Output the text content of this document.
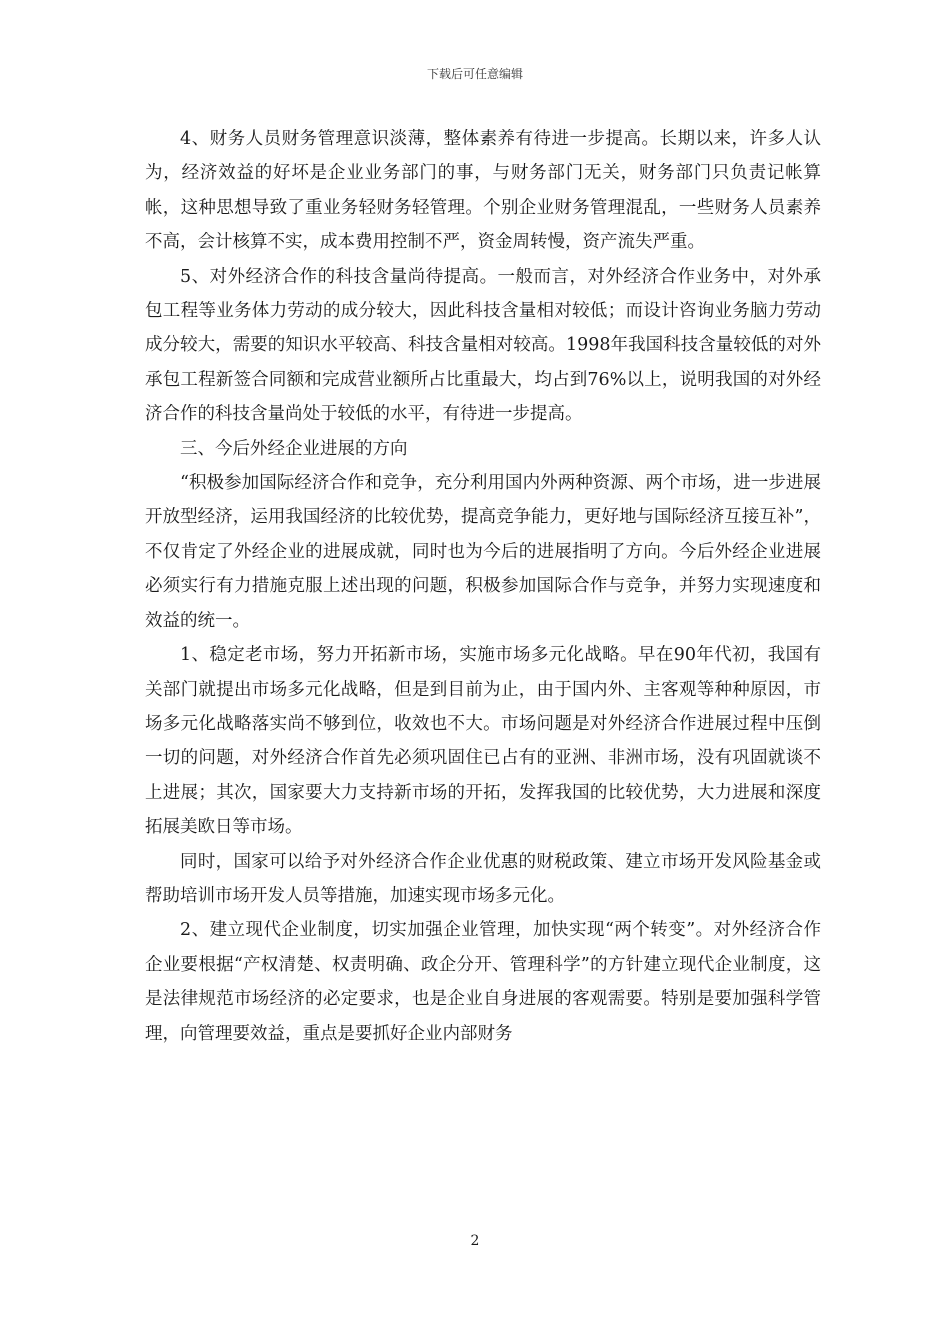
下载后可任意编辑

4、财务人员财务管理意识淡薄，整体素养有待进一步提高。长期以来，许多人认为，经济效益的好坏是企业业务部门的事，与财务部门无关，财务部门只负责记帐算帐，这种思想导致了重业务轻财务轻管理。个别企业财务管理混乱，一些财务人员素养不高，会计核算不实，成本费用控制不严，资金周转慢，资产流失严重。

5、对外经济合作的科技含量尚待提高。一般而言，对外经济合作业务中，对外承包工程等业务体力劳动的成分较大，因此科技含量相对较低；而设计咨询业务脑力劳动成分较大，需要的知识水平较高、科技含量相对较高。1998年我国科技含量较低的对外承包工程新签合同额和完成营业额所占比重最大，均占到76%以上，说明我国的对外经济合作的科技含量尚处于较低的水平，有待进一步提高。

三、今后外经企业进展的方向

“积极参加国际经济合作和竞争，充分利用国内外两种资源、两个市场，进一步进展开放型经济，运用我国经济的比较优势，提高竞争能力，更好地与国际经济互接互补”，不仅肯定了外经企业的进展成就，同时也为今后的进展指明了方向。今后外经企业进展必须实行有力措施克服上述出现的问题，积极参加国际合作与竞争，并努力实现速度和效益的统一。

1、稳定老市场，努力开拓新市场，实施市场多元化战略。早在90年代初，我国有关部门就提出市场多元化战略，但是到目前为止，由于国内外、主客观等种种原因，市场多元化战略落实尚不够到位，收效也不大。市场问题是对外经济合作进展过程中压倒一切的问题，对外经济合作首先必须巩固住已占有的亚洲、非洲市场，没有巩固就谈不上进展；其次，国家要大力支持新市场的开拓，发挥我国的比较优势，大力进展和深度拓展美欧日等市场。

同时，国家可以给予对外经济合作企业优惠的财税政策、建立市场开发风险基金或帮助培训市场开发人员等措施，加速实现市场多元化。

2、建立现代企业制度，切实加强企业管理，加快实现“两个转变”。对外经济合作企业要根据“产权清楚、权责明确、政企分开、管理科学”的方针建立现代企业制度，这是法律规范市场经济的必定要求，也是企业自身进展的客观需要。特别是要加强科学管理，向管理要效益，重点是要抓好企业内部财务

2
